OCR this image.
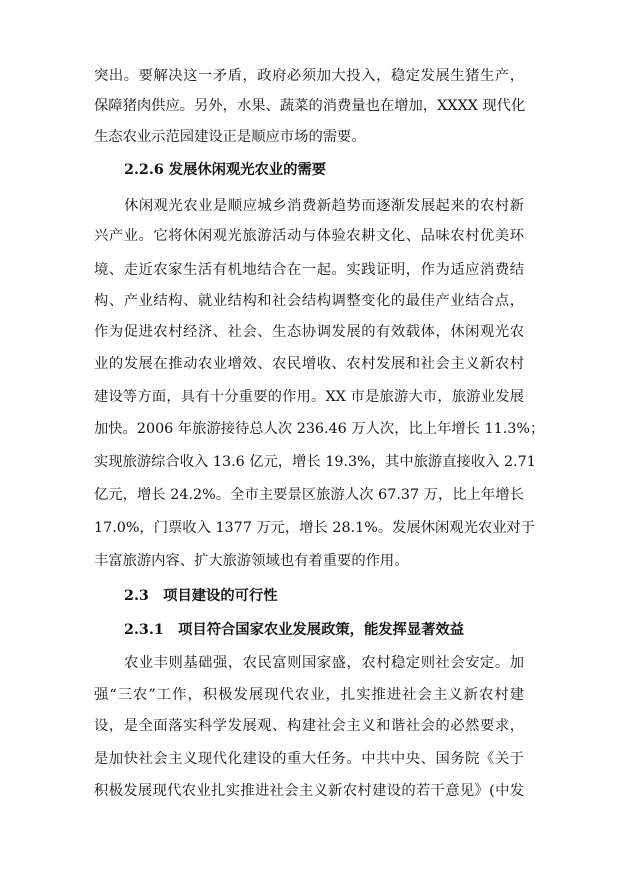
突出。要解决这一矛盾，政府必须加大投入，稳定发展生猪生产，
保障猪肉供应。另外，水果、蔬菜的消费量也在增加，XXXX 现代化
生态农业示范园建设正是顺应市场的需要。
2.2.6 发展休闲观光农业的需要
休闲观光农业是顺应城乡消费新趋势而逐渐发展起来的农村新
兴产业。它将休闲观光旅游活动与体验农耕文化、品味农村优美环
境、走近农家生活有机地结合在一起。实践证明，作为适应消费结
构、产业结构、就业结构和社会结构调整变化的最佳产业结合点，
作为促进农村经济、社会、生态协调发展的有效载体，休闲观光农
业的发展在推动农业增效、农民增收、农村发展和社会主义新农村
建设等方面，具有十分重要的作用。XX 市是旅游大市，旅游业发展
加快。2006 年旅游接待总人次 236.46 万人次，比上年增长 11.3%；
实现旅游综合收入 13.6 亿元，增长 19.3%，其中旅游直接收入 2.71
亿元，增长 24.2%。全市主要景区旅游人次 67.37 万，比上年增长
17.0%，门票收入 1377 万元，增长 28.1%。发展休闲观光农业对于
丰富旅游内容、扩大旅游领域也有着重要的作用。
2.3　项目建设的可行性
2.3.1　项目符合国家农业发展政策，能发挥显著效益
农业丰则基础强，农民富则国家盛，农村稳定则社会安定。加
强“三农”工作，积极发展现代农业，扎实推进社会主义新农村建
设，是全面落实科学发展观、构建社会主义和谐社会的必然要求，
是加快社会主义现代化建设的重大任务。中共中央、国务院《关于
积极发展现代农业扎实推进社会主义新农村建设的若干意见》(中发
